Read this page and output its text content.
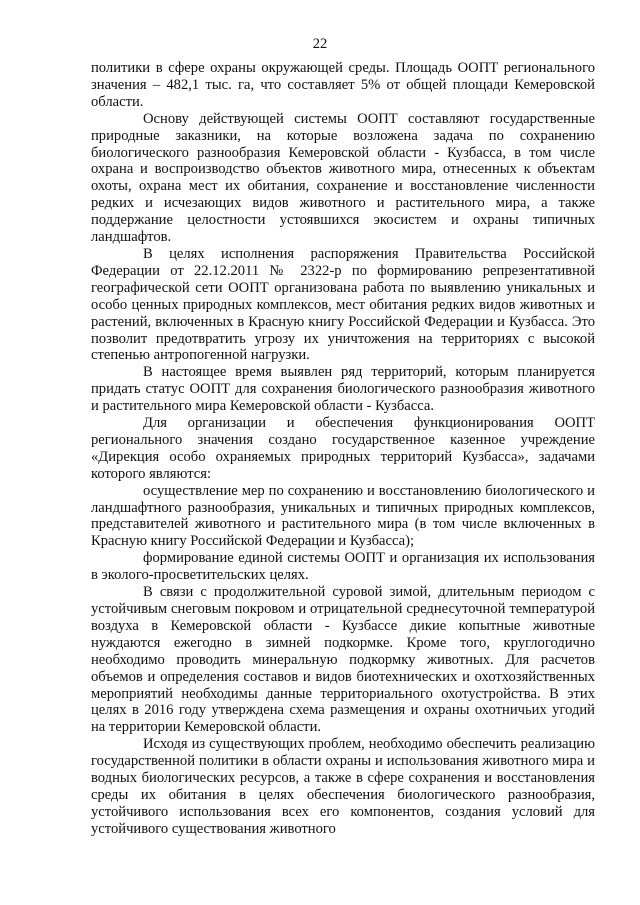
22

политики в сфере охраны окружающей среды. Площадь ООПТ регионального значения – 482,1 тыс. га, что составляет 5% от общей площади Кемеровской области.

Основу действующей системы ООПТ составляют государственные природные заказники, на которые возложена задача по сохранению биологического разнообразия Кемеровской области - Кузбасса, в том числе охрана и воспроизводство объектов животного мира, отнесенных к объектам охоты, охрана мест их обитания, сохранение и восстановление численности редких и исчезающих видов животного и растительного мира, а также поддержание целостности устоявшихся экосистем и охраны типичных ландшафтов.

В целях исполнения распоряжения Правительства Российской Федерации от 22.12.2011 № 2322-р по формированию репрезентативной географической сети ООПТ организована работа по выявлению уникальных и особо ценных природных комплексов, мест обитания редких видов животных и растений, включенных в Красную книгу Российской Федерации и Кузбасса. Это позволит предотвратить угрозу их уничтожения на территориях с высокой степенью антропогенной нагрузки.

В настоящее время выявлен ряд территорий, которым планируется придать статус ООПТ для сохранения биологического разнообразия животного и растительного мира Кемеровской области - Кузбасса.

Для организации и обеспечения функционирования ООПТ регионального значения создано государственное казенное учреждение «Дирекция особо охраняемых природных территорий Кузбасса», задачами которого являются:

осуществление мер по сохранению и восстановлению биологического и ландшафтного разнообразия, уникальных и типичных природных комплексов, представителей животного и растительного мира (в том числе включенных в Красную книгу Российской Федерации и Кузбасса);

формирование единой системы ООПТ и организация их использования в эколого-просветительских целях.

В связи с продолжительной суровой зимой, длительным периодом с устойчивым снеговым покровом и отрицательной среднесуточной температурой воздуха в Кемеровской области - Кузбассе дикие копытные животные нуждаются ежегодно в зимней подкормке. Кроме того, круглогодично необходимо проводить минеральную подкормку животных. Для расчетов объемов и определения составов и видов биотехнических и охотхозяйственных мероприятий необходимы данные территориального охотустройства. В этих целях в 2016 году утверждена схема размещения и охраны охотничьих угодий на территории Кемеровской области.

Исходя из существующих проблем, необходимо обеспечить реализацию государственной политики в области охраны и использования животного мира и водных биологических ресурсов, а также в сфере сохранения и восстановления среды их обитания в целях обеспечения биологического разнообразия, устойчивого использования всех его компонентов, создания условий для устойчивого существования животного
